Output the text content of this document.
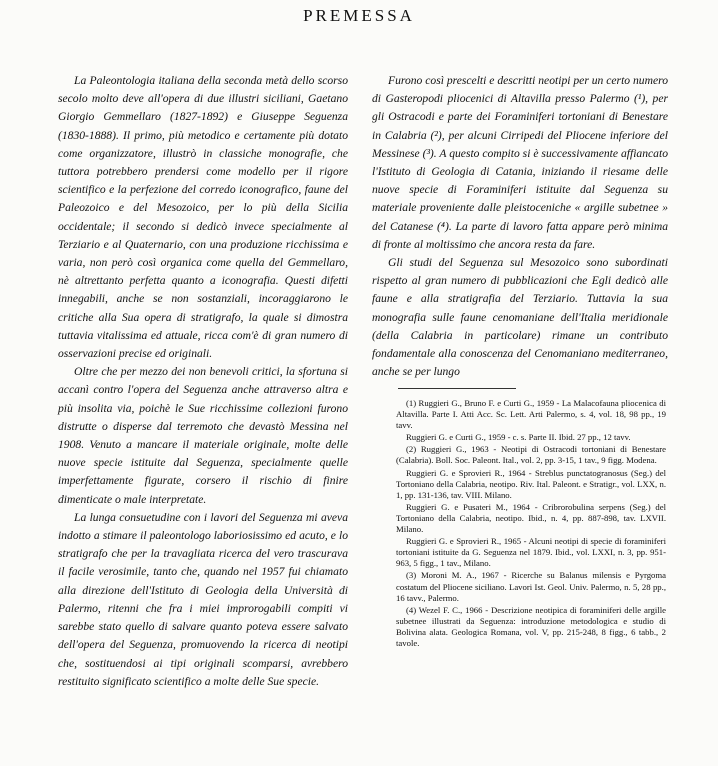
PREMESSA

La Paleontologia italiana della seconda metà dello scorso secolo molto deve all'opera di due illustri siciliani, Gaetano Giorgio Gemmellaro (1827-1892) e Giuseppe Seguenza (1830-1888). Il primo, più metodico e certamente più dotato come organizzatore, illustrò in classiche monografie, che tuttora potrebbero prendersi come modello per il rigore scientifico e la perfezione del corredo iconografico, faune del Paleozoico e del Mesozoico, per lo più della Sicilia occidentale; il secondo si dedicò invece specialmente al Terziario e al Quaternario, con una produzione ricchissima e varia, non però così organica come quella del Gemmellaro, nè altrettanto perfetta quanto a iconografia. Questi difetti innegabili, anche se non sostanziali, incoraggiarono le critiche alla Sua opera di stratigrafo, la quale si dimostra tuttavia vitalissima ed attuale, ricca com'è di gran numero di osservazioni precise ed originali.

Oltre che per mezzo dei non benevoli critici, la sfortuna si accanì contro l'opera del Seguenza anche attraverso altra e più insolita via, poichè le Sue ricchissime collezioni furono distrutte o disperse dal terremoto che devastò Messina nel 1908. Venuto a mancare il materiale originale, molte delle nuove specie istituite dal Seguenza, specialmente quelle imperfettamente figurate, corsero il rischio di finire dimenticate o male interpretate.

La lunga consuetudine con i lavori del Seguenza mi aveva indotto a stimare il paleontologo laboriosissimo ed acuto, e lo stratigrafo che per la travagliata ricerca del vero trascurava il facile verosimile, tanto che, quando nel 1957 fui chiamato alla direzione dell'Istituto di Geologia della Università di Palermo, ritenni che fra i miei improrogabili compiti vi sarebbe stato quello di salvare quanto poteva essere salvato dell'opera del Seguenza, promuovendo la ricerca di neotipi che, sostituendosi ai tipi originali scomparsi, avrebbero restituito significato scientifico a molte delle Sue specie.

Furono così prescelti e descritti neotipi per un certo numero di Gasteropodi pliocenici di Altavilla presso Palermo (¹), per gli Ostracodi e parte dei Foraminiferi tortoniani di Benestare in Calabria (²), per alcuni Cirripedi del Pliocene inferiore del Messinese (³). A questo compito si è successivamente affiancato l'Istituto di Geologia di Catania, iniziando il riesame delle nuove specie di Foraminiferi istituite dal Seguenza su materiale proveniente dalle pleistoceniche « argille subetnee » del Catanese (⁴). La parte di lavoro fatta appare però minima di fronte al moltissimo che ancora resta da fare.

Gli studi del Seguenza sul Mesozoico sono subordinati rispetto al gran numero di pubblicazioni che Egli dedicò alle faune e alla stratigrafia del Terziario. Tuttavia la sua monografia sulle faune cenomaniane dell'Italia meridionale (della Calabria in particolare) rimane un contributo fondamentale alla conoscenza del Cenomaniano mediterraneo, anche se per lungo

(1) Ruggieri G., Bruno F. e Curti G., 1959 - La Malacofauna pliocenica di Altavilla. Parte I. Atti Acc. Sc. Lett. Arti Palermo, s. 4, vol. 18, 98 pp., 19 tavv.

Ruggieri G. e Curti G., 1959 - c. s. Parte II. Ibid. 27 pp., 12 tavv.

(2) Ruggieri G., 1963 - Neotipi di Ostracodi tortoniani di Benestare (Calabria). Boll. Soc. Paleont. Ital., vol. 2, pp. 3-15, 1 tav., 9 figg. Modena.

Ruggieri G. e Sprovieri R., 1964 - Streblus punctatogranosus (Seg.) del Tortoniano della Calabria, neotipo. Riv. Ital. Paleont. e Stratigr., vol. LXX, n. 1, pp. 131-136, tav. VIII. Milano.

Ruggieri G. e Pusateri M., 1964 - Cribrorobulina serpens (Seg.) del Tortoniano della Calabria, neotipo. Ibid., n. 4, pp. 887-898, tav. LXVII. Milano.

Ruggieri G. e Sprovieri R., 1965 - Alcuni neotipi di specie di foraminiferi tortoniani istituite da G. Seguenza nel 1879. Ibid., vol. LXXI, n. 3, pp. 951-963, 5 figg., 1 tav., Milano.

(3) Moroni M. A., 1967 - Ricerche su Balanus milensis e Pyrgoma costatum del Pliocene siciliano. Lavori Ist. Geol. Univ. Palermo, n. 5, 28 pp., 16 tavv., Palermo.

(4) Wezel F. C., 1966 - Descrizione neotipica di foraminiferi delle argille subetnee illustrati da Seguenza: introduzione metodologica e studio di Bolivina alata. Geologica Romana, vol. V, pp. 215-248, 8 figg., 6 tabb., 2 tavole.
